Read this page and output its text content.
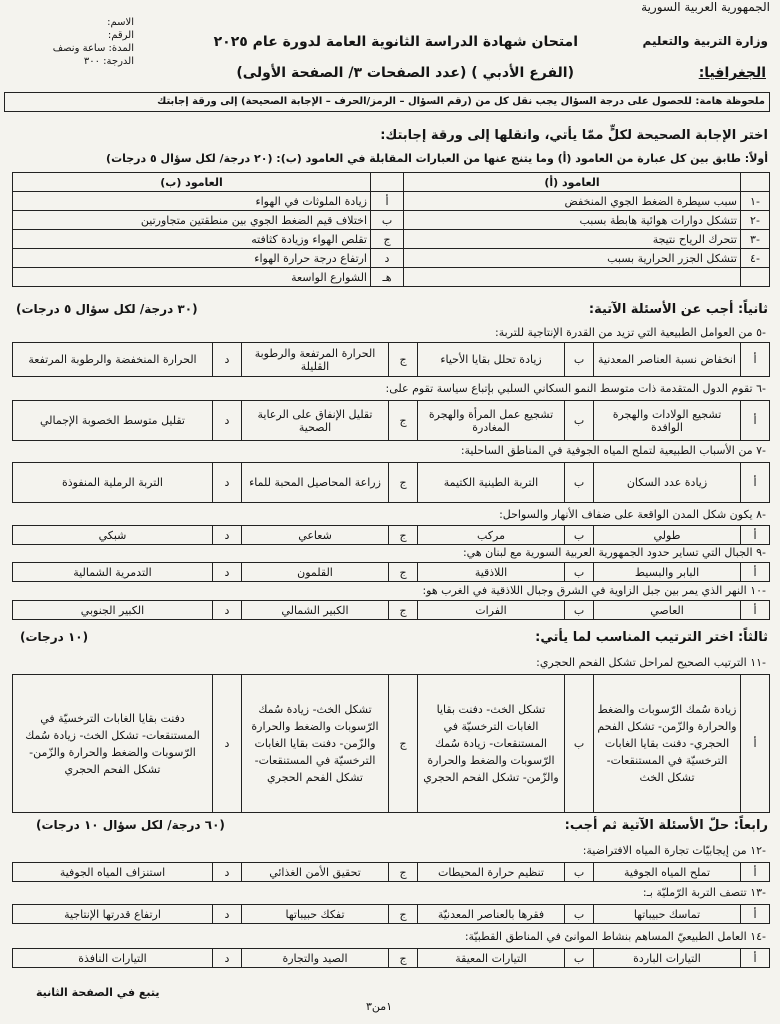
الجمهورية العربية السورية
وزارة التربية والتعليم
امتحان شهادة الدراسة الثانوية العامة لدورة عام ٢٠٢٥
الجغرافيا:
(الفرع الأدبي ) (عدد الصفحات ٣/ الصفحة الأولى)
الاسم:
الرقم:
المدة: ساعة ونصف
الدرجة: ٣٠٠
ملحوظة هامة: للحصول على درجة السؤال يجب نقل كل من (رقم السؤال – الرمز/الحرف – الإجابة الصحيحة) إلى ورقة إجابتك
اختر الإجابة الصحيحة لكلٍّ ممّا يأتي، وانقلها إلى ورقة إجابتك:
أولاً: طابق بين كل عبارة من العامود (أ) وما يتنج عنها من العبارات المقابلة في العامود (ب): (٢٠ درجة/ لكل سؤال ٥ درجات)
	العامود (أ)		العامود (ب)
-١	سبب سيطرة الضغط الجوي المنخفض	أ	زيادة الملوثات في الهواء
-٢	تتشكل دوارات هوائية هابطة بسبب	ب	اختلاف قيم الضغط الجوي بين منطقتين متجاورتين
-٣	تتحرك الرياح نتيجة	ج	تقلص الهواء وزيادة كثافته
-٤	تتشكل الجزر الحرارية بسبب	د	ارتفاع درجة حرارة الهواء
		هـ	الشوارع الواسعة
ثانياً: أجب عن الأسئلة الآتية:
(٣٠ درجة/ لكل سؤال ٥ درجات)
-٥ من العوامل الطبيعية التي تزيد من القدرة الإنتاجية للتربة:
أ	انخفاض نسبة العناصر المعدنية	ب	زيادة تحلل بقايا الأحياء	ج	الحرارة المرتفعة والرطوبة القليلة	د	الحرارة المنخفضة والرطوبة المرتفعة
-٦ تقوم الدول المتقدمة ذات متوسط النمو السكاني السلبي بإتباع سياسة تقوم على:
أ	تشجيع الولادات والهجرة الوافدة	ب	تشجيع عمل المرأة والهجرة المغادرة	ج	تقليل الإنفاق على الرعاية الصحية	د	تقليل متوسط الخصوبة الإجمالي
-٧ من الأسباب الطبيعية لتملح المياه الجوفية في المناطق الساحلية:
أ	زيادة عدد السكان	ب	التربة الطينية الكتيمة	ج	زراعة المحاصيل المحبة للماء	د	التربة الرملية المنفوذة
-٨ يكون شكل المدن الواقعة على ضفاف الأنهار والسواحل:
أ	طولي	ب	مركب	ج	شعاعي	د	شبكي
-٩ الجبال التي تساير حدود الجمهورية العربية السورية مع لبنان هي:
أ	البابر والبسيط	ب	اللاذقية	ج	القلمون	د	التدمرية الشمالية
-١٠ النهر الذي يمر بين جبل الزاوية في الشرق وجبال اللاذقية في الغرب هو:
أ	العاصي	ب	الفرات	ج	الكبير الشمالي	د	الكبير الجنوبي
ثالثاً: اختر الترتيب المناسب لما يأتي:
(١٠ درجات)
-١١ الترتيب الصحيح لمراحل تشكل الفحم الحجري:
أ	زيادة سُمك الرّسوبات والضغط والحرارة والزّمن- تشكل الفحم الحجري- دفنت بقايا الغابات الترخسيّة في المستنقعات- تشكل الخث	ب	تشكل الخث- دفنت بقايا الغابات الترخسيّة في المستنقعات- زيادة سُمك الرّسوبات والضغط والحرارة والزّمن- تشكل الفحم الحجري	ج	تشكل الخث- زيادة سُمك الرّسوبات والضغط والحرارة والزّمن- دفنت بقايا الغابات الترخسيّة في المستنقعات- تشكل الفحم الحجري	د	دفنت بقايا الغابات الترخسيّة في المستنقعات- تشكل الخث- زيادة سُمك الرّسوبات والضغط والحرارة والزّمن- تشكل الفحم الحجري
رابعاً: حلّ الأسئلة الآتية ثم أجب:
(٦٠ درجة/ لكل سؤال ١٠ درجات)
-١٢ من إيجابيّات تجارة المياه الافتراضية:
أ	تملح المياه الجوفية	ب	تنظيم حرارة المحيطات	ج	تحقيق الأمن الغذائي	د	استنزاف المياه الجوفية
-١٣ تتصف التربة الرّمليّة بـ:
أ	تماسك حبيباتها	ب	فقرها بالعناصر المعدنيّة	ج	تفكك حبيباتها	د	ارتفاع قدرتها الإنتاجية
-١٤ العامل الطبيعيّ المساهم بنشاط الموانئ في المناطق القطبيّة:
أ	التيارات الباردة	ب	التيارات المعيقة	ج	الصيد والتجارة	د	التيارات النافذة
يتبع في الصفحة الثانية
١من٣
